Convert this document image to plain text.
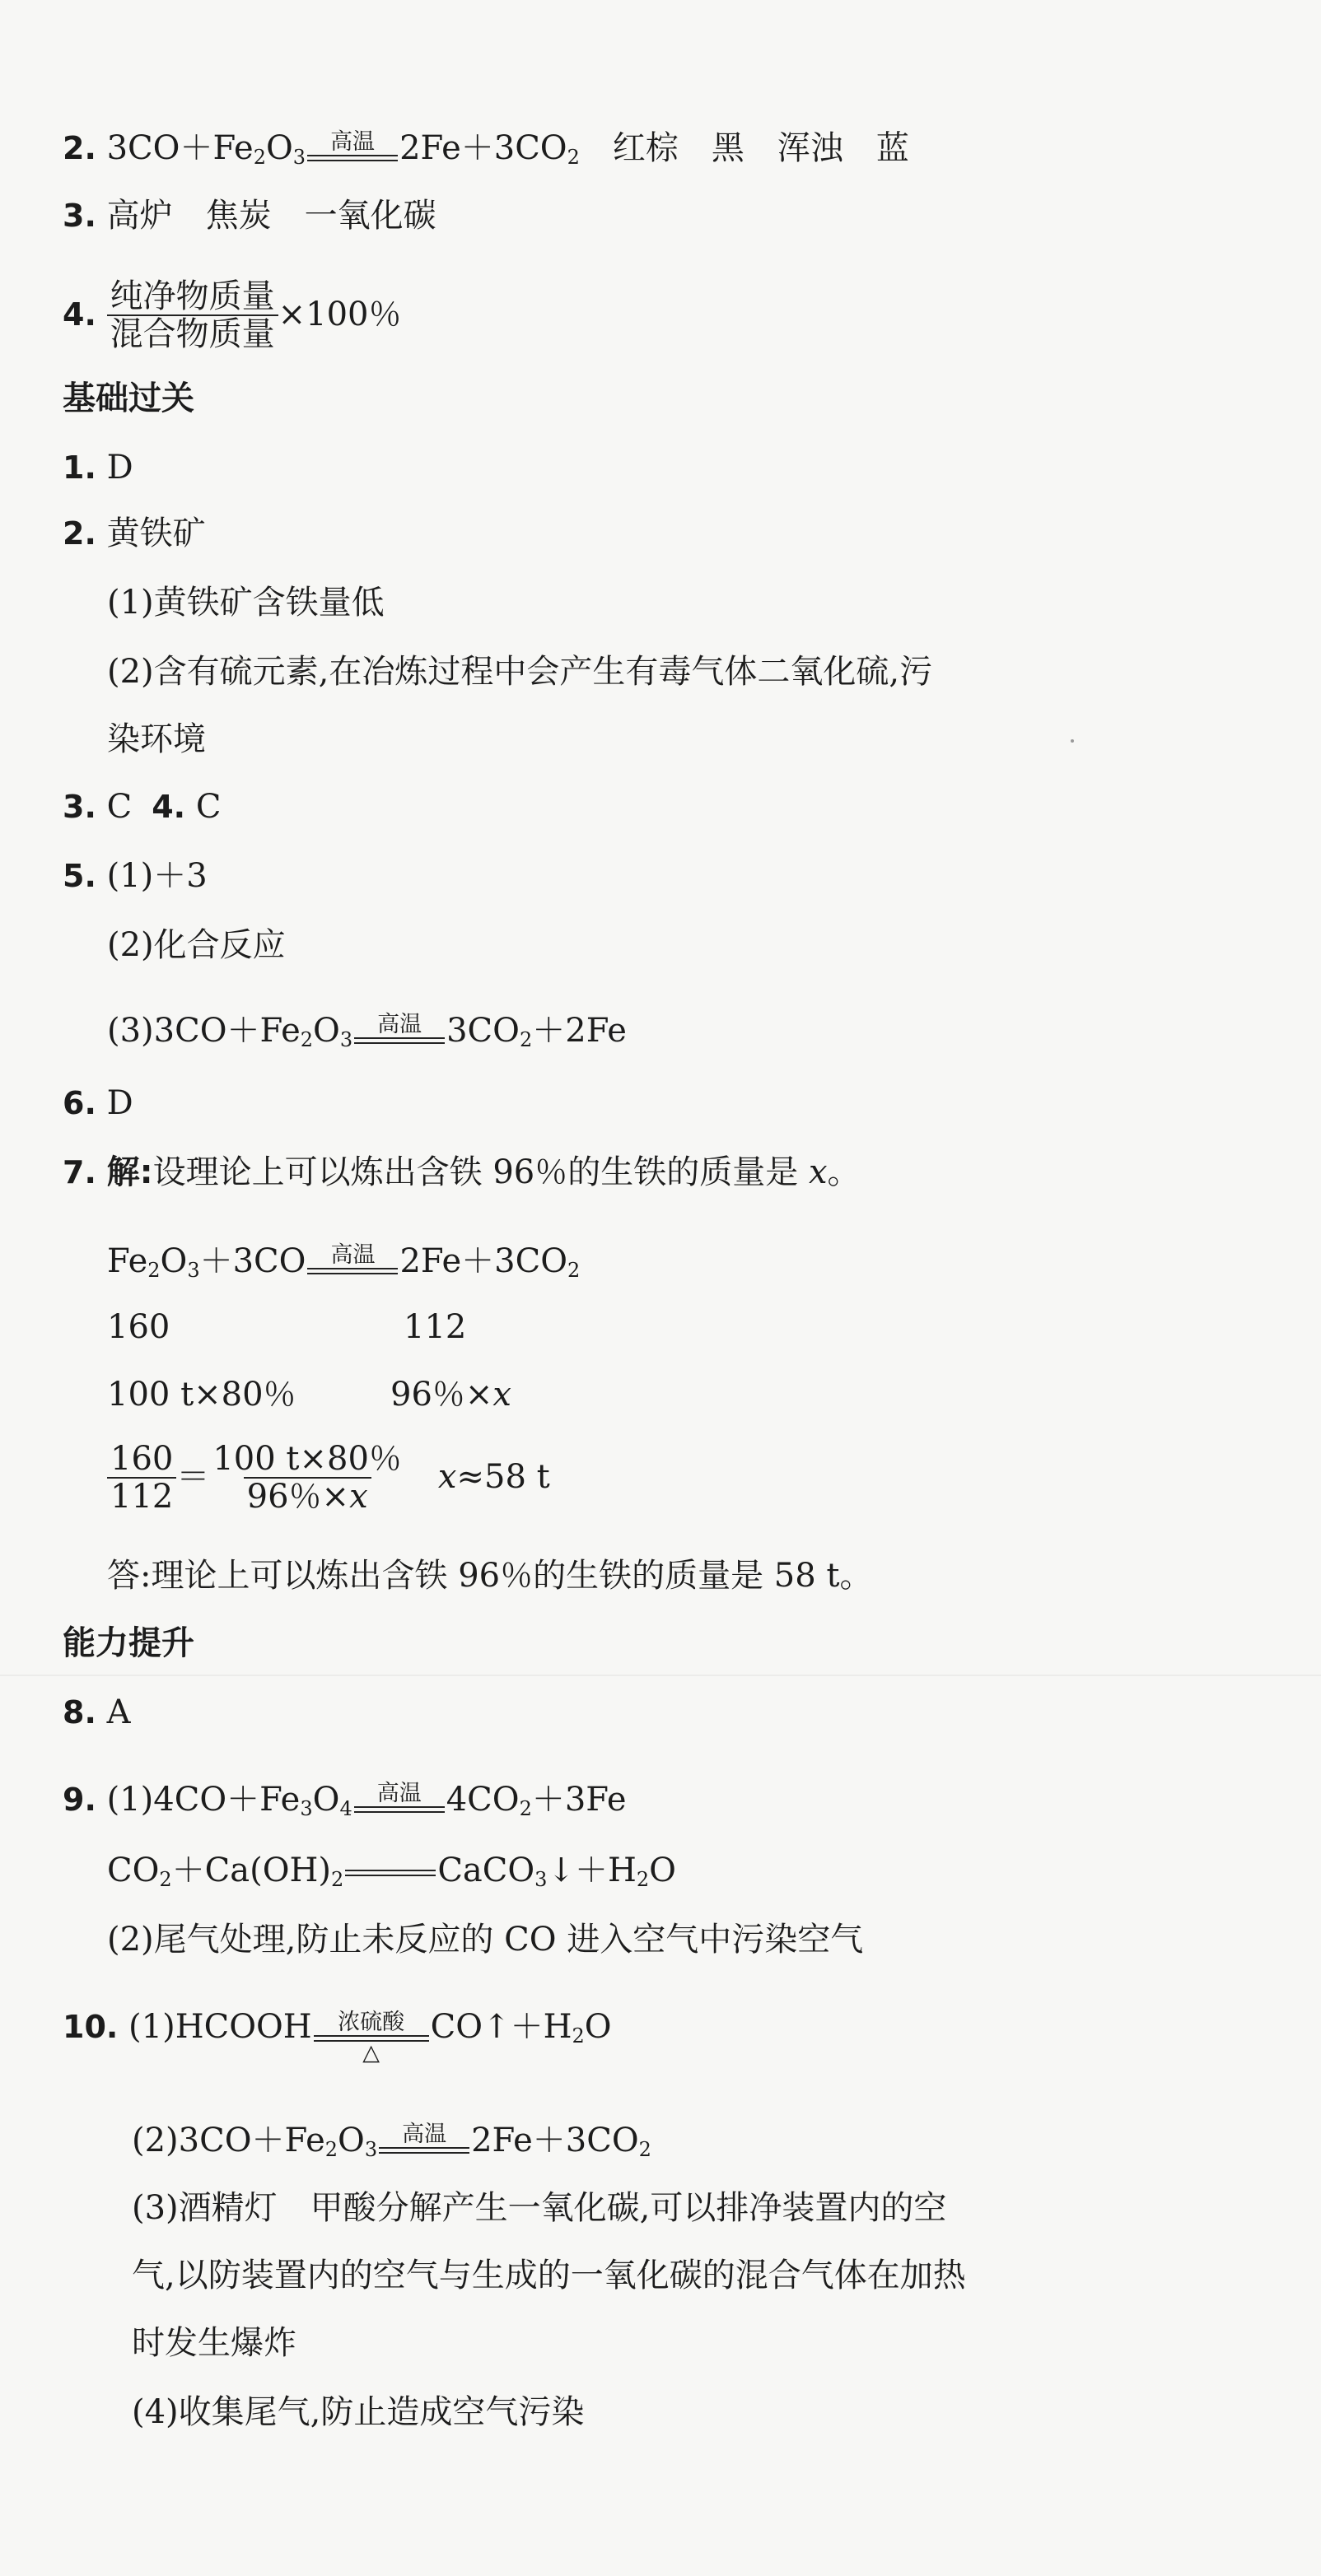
2. $3CO+Fe_2O_3$
高温 $2Fe+3CO_2$ 红棕　黑　浑浊　蓝
3. 高炉　焦炭　一氧化碳
4. $\frac{\text{纯净物质量}}{\text{混合物质量}} \times 100$％
基础过关
1. D
2. 黄铁矿
(1)黄铁矿含铁量低
(2)含有硫元素,在冶炼过程中会产生有毒气体二氧化硫,污
染环境
3. C 4. C
5. (1)＋3
(2)化合反应
$(3)3CO+Fe_2O_3$
高温 $3CO_2+2Fe$
6. D
7. 解:设理论上可以炼出含铁 96％的生铁的质量是 x。
$Fe_2O_3+3CO$ 高温 $2Fe+3CO_2$
160	112
100 t×80％	96％×x
$\frac{160}{112} = \frac{100 t\times 80\%}{96\%\times x} x\approx 58$ t
答:理论上可以炼出含铁 96％的生铁的质量是 58 t。
能力提升
8. A
9. $(1)4CO+Fe_3O_4$
高温 $4CO_2+3Fe$
$CO_2+Ca(OH)_2$	$CaCO_3↓+H_2O$
(2)尾气处理,防止未反应的 CO 进入空气中污染空气
10. (1)HCOOH 浓硫酸
△
$CO↑+H_2O$
$(2)3CO+Fe_2O_3$
高温 $2Fe+3CO_2$
(3)酒精灯　甲酸分解产生一氧化碳,可以排净装置内的空
气,以防装置内的空气与生成的一氧化碳的混合气体在加热
时发生爆炸
(4)收集尾气,防止造成空气污染
